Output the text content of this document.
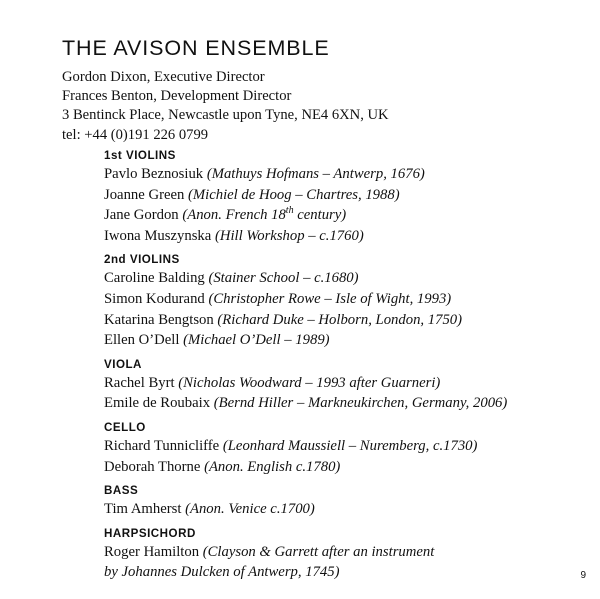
THE AVISON ENSEMBLE
Gordon Dixon, Executive Director
Frances Benton, Development Director
3 Bentinck Place, Newcastle upon Tyne, NE4 6XN, UK
tel: +44 (0)191 226 0799
1st VIOLINS
Pavlo Beznosiuk (Mathuys Hofmans – Antwerp, 1676)
Joanne Green (Michiel de Hoog – Chartres, 1988)
Jane Gordon (Anon. French 18th century)
Iwona Muszynska (Hill Workshop – c.1760)
2nd VIOLINS
Caroline Balding (Stainer School – c.1680)
Simon Kodurand (Christopher Rowe – Isle of Wight, 1993)
Katarina Bengtson (Richard Duke – Holborn, London, 1750)
Ellen O’Dell (Michael O’Dell – 1989)
VIOLA
Rachel Byrt (Nicholas Woodward – 1993 after Guarneri)
Emile de Roubaix (Bernd Hiller – Markneukirchen, Germany, 2006)
CELLO
Richard Tunnicliffe (Leonhard Maussiell – Nuremberg, c.1730)
Deborah Thorne (Anon. English c.1780)
BASS
Tim Amherst (Anon. Venice c.1700)
HARPSICHORD
Roger Hamilton (Clayson & Garrett after an instrument
by Johannes Dulcken of Antwerp, 1745)	9
